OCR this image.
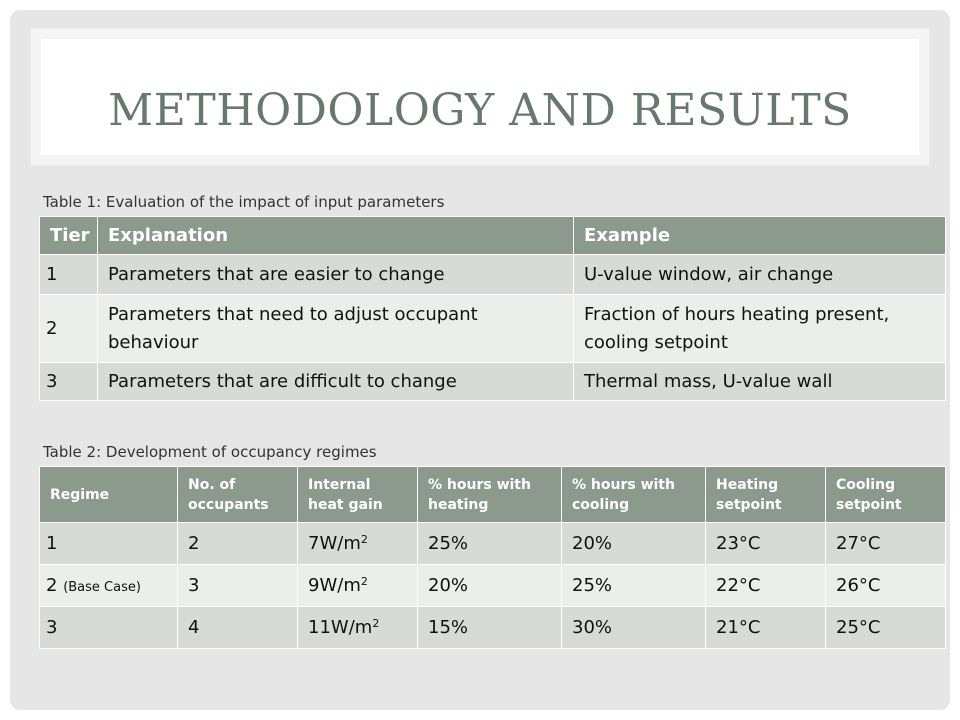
METHODOLOGY AND RESULTS
Table 1: Evaluation of the impact of input parameters
Tier	Explanation	Example
1	Parameters that are easier to change	U-value window, air change
2	Parameters that need to adjust occupant behaviour	Fraction of hours heating present, cooling setpoint
3	Parameters that are difficult to change	Thermal mass, U-value wall
Table 2: Development of occupancy regimes
Regime	No. of occupants	Internal heat gain	% hours with heating	% hours with cooling	Heating setpoint	Cooling setpoint
1	2	$7W/m^2$	25%	20%	23°C	27°C
2 (Base Case)	3	$9W/m^2$	20%	25%	22°C	26°C
3	4	$11W/m^2$	15%	30%	21°C	25°C
